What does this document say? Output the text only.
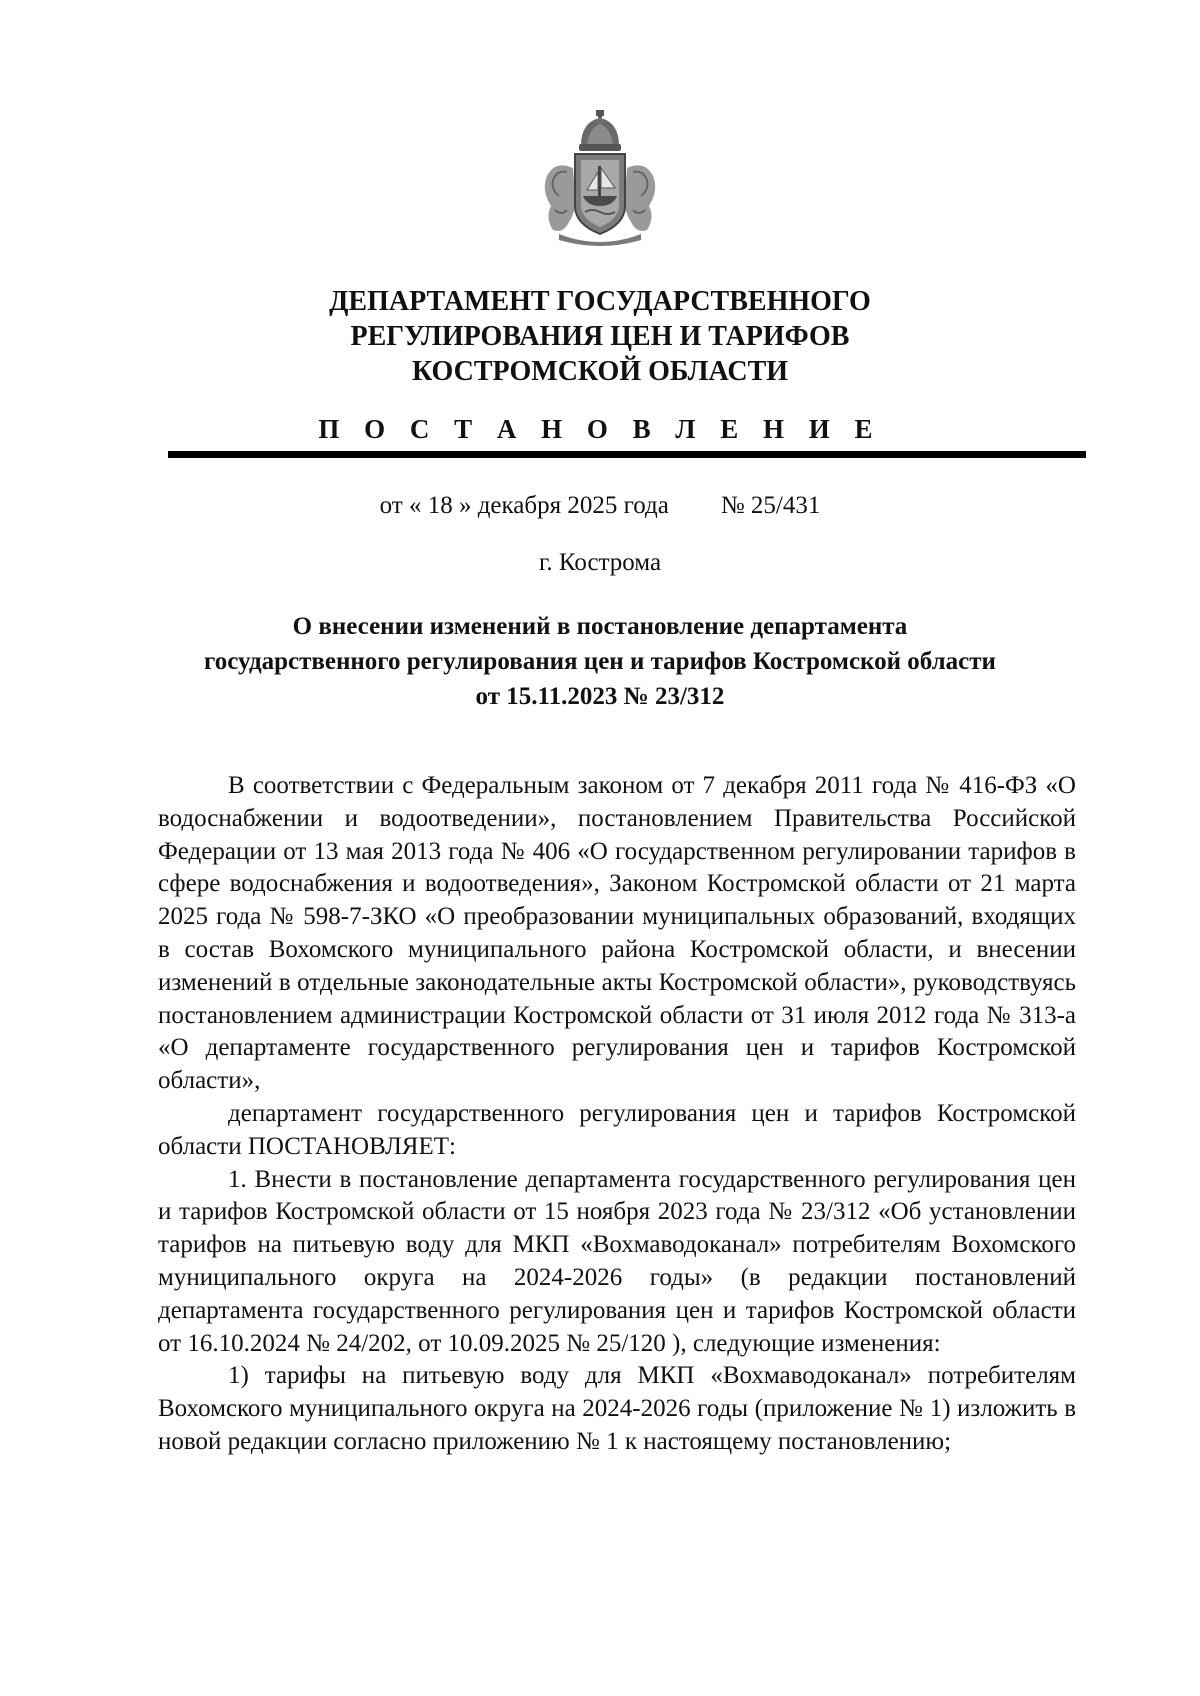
ДЕПАРТАМЕНТ ГОСУДАРСТВЕННОГО
РЕГУЛИРОВАНИЯ ЦЕН И ТАРИФОВ
КОСТРОМСКОЙ ОБЛАСТИ
П О С Т А Н О В Л Е Н И Е
от « 18 » декабря 2025 года № 25/431
г. Кострома
О внесении изменений в постановление департамента
государственного регулирования цен и тарифов Костромской области
от 15.11.2023 № 23/312

В соответствии с Федеральным законом от 7 декабря 2011 года № 416-ФЗ «О водоснабжении и водоотведении», постановлением Правительства Российской Федерации от 13 мая 2013 года № 406 «О государственном регулировании тарифов в сфере водоснабжения и водоотведения», Законом Костромской области от 21 марта 2025 года № 598-7-ЗКО «О преобразовании муниципальных образований, входящих в состав Вохомского муниципального района Костромской области, и внесении изменений в отдельные законодательные акты Костромской области», руководствуясь постановлением администрации Костромской области от 31 июля 2012 года № 313-а «О департаменте государственного регулирования цен и тарифов Костромской области»,

департамент государственного регулирования цен и тарифов Костромской области ПОСТАНОВЛЯЕТ:

1. Внести в постановление департамента государственного регулирования цен и тарифов Костромской области от 15 ноября 2023 года № 23/312 «Об установлении тарифов на питьевую воду для МКП «Вохмаводоканал» потребителям Вохомского муниципального округа на 2024-2026 годы» (в редакции постановлений департамента государственного регулирования цен и тарифов Костромской области от 16.10.2024 № 24/202, от 10.09.2025 № 25/120 ), следующие изменения:

1) тарифы на питьевую воду для МКП «Вохмаводоканал» потребителям Вохомского муниципального округа на 2024-2026 годы (приложение № 1) изложить в новой редакции согласно приложению № 1 к настоящему постановлению;
